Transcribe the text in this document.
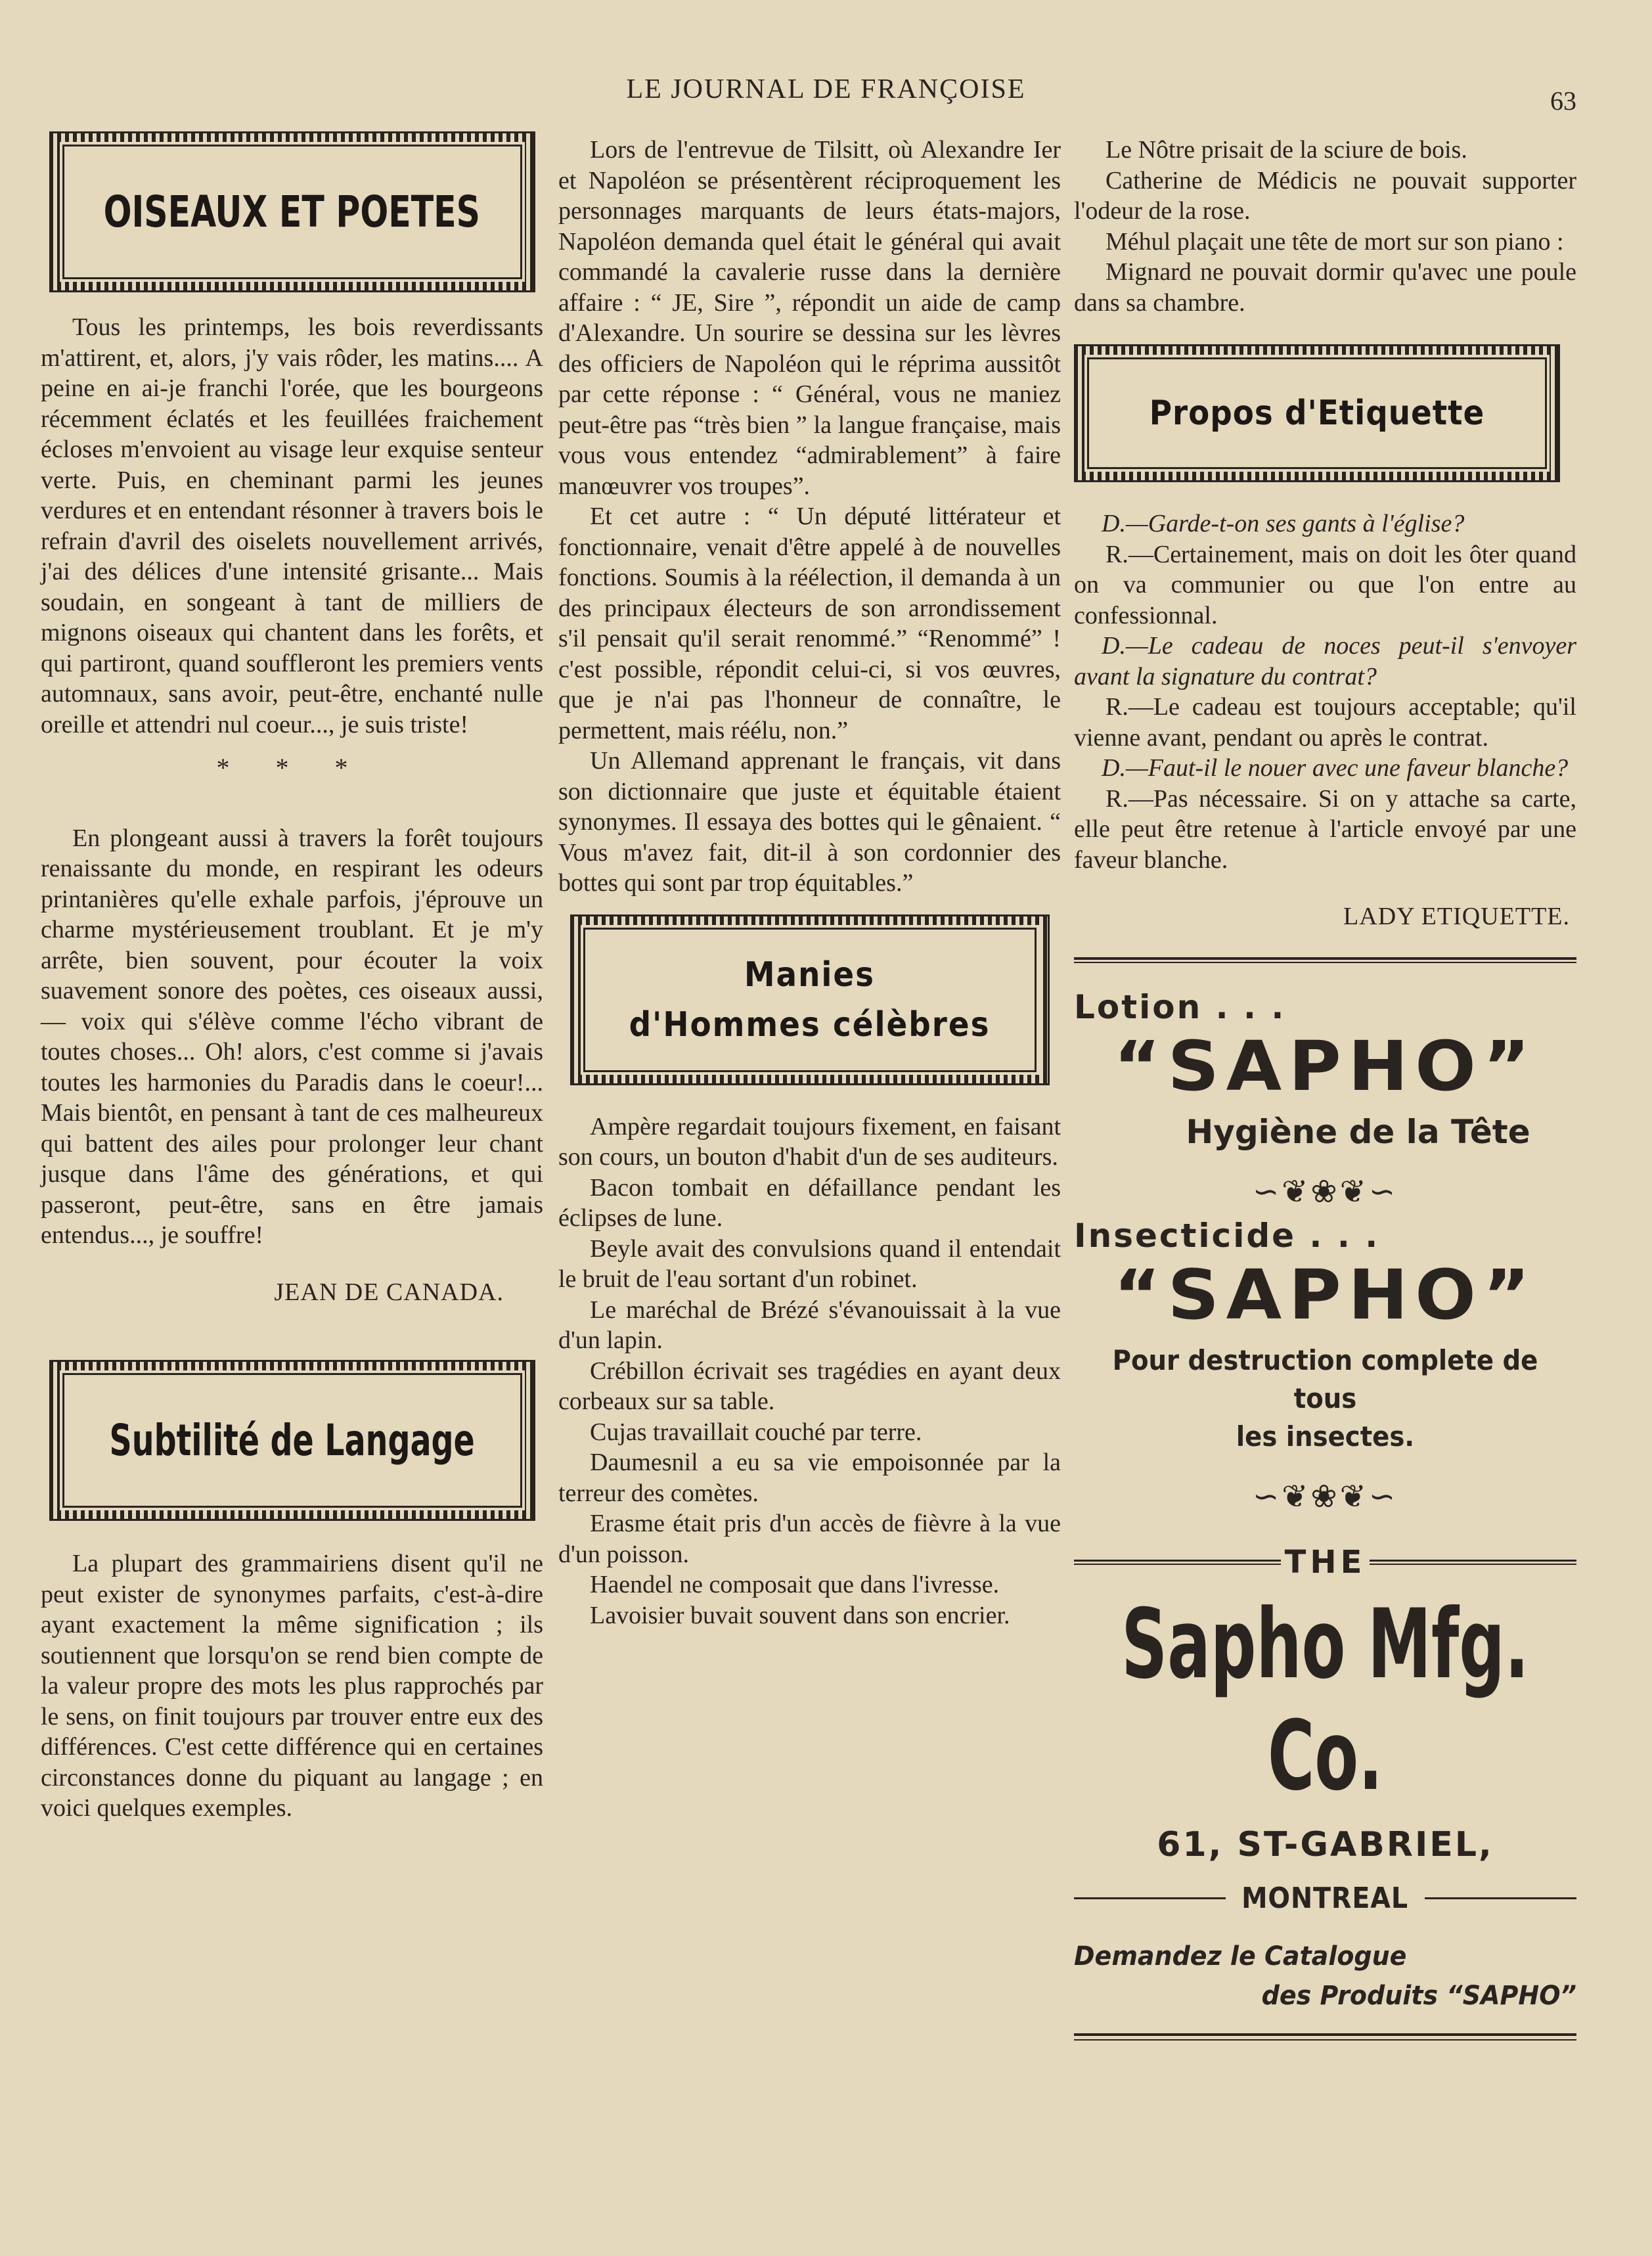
LE JOURNAL DE FRANÇOISE	63
OISEAUX ET POETES

Tous les printemps, les bois reverdissants m'attirent, et, alors, j'y vais rôder, les matins.... A peine en ai-je franchi l'orée, que les bourgeons récemment éclatés et les feuillées fraichement écloses m'envoient au visage leur exquise senteur verte. Puis, en cheminant parmi les jeunes verdures et en entendant résonner à travers bois le refrain d'avril des oiselets nouvellement arrivés, j'ai des délices d'une intensité grisante... Mais soudain, en songeant à tant de milliers de mignons oiseaux qui chantent dans les forêts, et qui partiront, quand souffleront les premiers vents automnaux, sans avoir, peut-être, enchanté nulle oreille et attendri nul coeur..., je suis triste!

* * *

En plongeant aussi à travers la forêt toujours renaissante du monde, en respirant les odeurs printanières qu'elle exhale parfois, j'éprouve un charme mystérieusement troublant. Et je m'y arrête, bien souvent, pour écouter la voix suavement sonore des poètes, ces oiseaux aussi, — voix qui s'élève comme l'écho vibrant de toutes choses... Oh! alors, c'est comme si j'avais toutes les harmonies du Paradis dans le coeur!... Mais bientôt, en pensant à tant de ces malheureux qui battent des ailes pour prolonger leur chant jusque dans l'âme des générations, et qui passeront, peut-être, sans en être jamais entendus..., je souffre!

JEAN DE CANADA.

Subtilité de Langage

La plupart des grammairiens disent qu'il ne peut exister de synonymes parfaits, c'est-à-dire ayant exactement la même signification ; ils soutiennent que lorsqu'on se rend bien compte de la valeur propre des mots les plus rapprochés par le sens, on finit toujours par trouver entre eux des différences. C'est cette différence qui en certaines circonstances donne du piquant au langage ; en voici quelques exemples.

Lors de l'entrevue de Tilsitt, où Alexandre Ier et Napoléon se présentèrent réciproquement les personnages marquants de leurs états-majors, Napoléon demanda quel était le général qui avait commandé la cavalerie russe dans la dernière affaire : “ JE, Sire ”, répondit un aide de camp d'Alexandre. Un sourire se dessina sur les lèvres des officiers de Napoléon qui le réprima aussitôt par cette réponse : “ Général, vous ne maniez peut-être pas “très bien ” la langue française, mais vous vous entendez “admirablement” à faire manœuvrer vos troupes”.

Et cet autre : “ Un député littérateur et fonctionnaire, venait d'être appelé à de nouvelles fonctions. Soumis à la réélection, il demanda à un des principaux électeurs de son arrondissement s'il pensait qu'il serait renommé.” “Renommé” ! c'est possible, répondit celui-ci, si vos œuvres, que je n'ai pas l'honneur de connaître, le permettent, mais réélu, non.”

Un Allemand apprenant le français, vit dans son dictionnaire que juste et équitable étaient synonymes. Il essaya des bottes qui le gênaient. “ Vous m'avez fait, dit-il à son cordonnier des bottes qui sont par trop équitables.”

Manies
d'Hommes célèbres

Ampère regardait toujours fixement, en faisant son cours, un bouton d'habit d'un de ses auditeurs.

Bacon tombait en défaillance pendant les éclipses de lune.

Beyle avait des convulsions quand il entendait le bruit de l'eau sortant d'un robinet.

Le maréchal de Brézé s'évanouissait à la vue d'un lapin.

Crébillon écrivait ses tragédies en ayant deux corbeaux sur sa table.

Cujas travaillait couché par terre.

Daumesnil a eu sa vie empoisonnée par la terreur des comètes.

Erasme était pris d'un accès de fièvre à la vue d'un poisson.

Haendel ne composait que dans l'ivresse.

Lavoisier buvait souvent dans son encrier.

Le Nôtre prisait de la sciure de bois.

Catherine de Médicis ne pouvait supporter l'odeur de la rose.

Méhul plaçait une tête de mort sur son piano :

Mignard ne pouvait dormir qu'avec une poule dans sa chambre.

Propos d'Etiquette

D.—Garde-t-on ses gants à l'église?

R.—Certainement, mais on doit les ôter quand on va communier ou que l'on entre au confessionnal.

D.—Le cadeau de noces peut-il s'envoyer avant la signature du contrat?

R.—Le cadeau est toujours acceptable; qu'il vienne avant, pendant ou après le contrat.

D.—Faut-il le nouer avec une faveur blanche?

R.—Pas nécessaire. Si on y attache sa carte, elle peut être retenue à l'article envoyé par une faveur blanche.

LADY ETIQUETTE.

Lotion . . .
“SAPHO”
Hygiène de la Tête
∽❦❀❦∽
Insecticide . . .
“SAPHO”
Pour destruction complete de tous
les insectes.
∽❦❀❦∽
THE
Sapho Mfg. Co.
61, ST-GABRIEL,
MONTREAL
Demandez le Catalogue
des Produits “SAPHO”
